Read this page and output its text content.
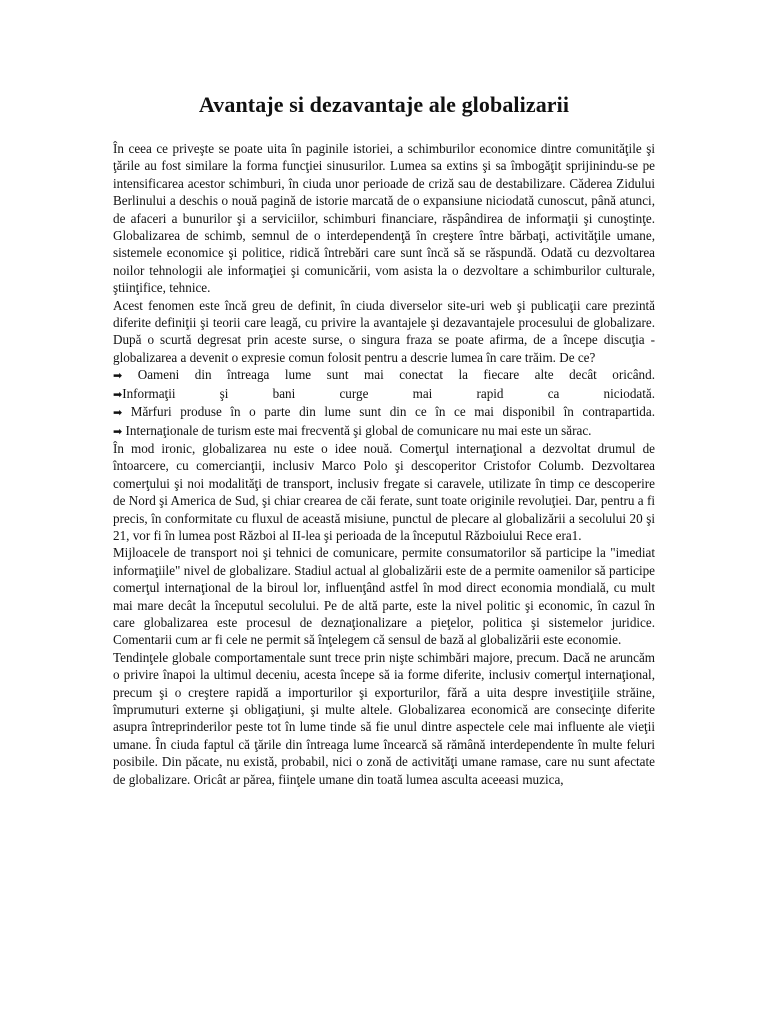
Avantaje si dezavantaje ale globalizarii

În ceea ce priveşte se poate uita în paginile istoriei, a schimburilor economice dintre comunităţile şi ţările au fost similare la forma funcţiei sinusurilor. Lumea sa extins şi sa îmbogăţit sprijinindu-se pe intensificarea acestor schimburi, în ciuda unor perioade de criză sau de destabilizare. Căderea Zidului Berlinului a deschis o nouă pagină de istorie marcată de o expansiune niciodată cunoscut, până atunci, de afaceri a bunurilor şi a serviciilor, schimburi financiare, răspândirea de informaţii şi cunoştinţe. Globalizarea de schimb, semnul de o interdependenţă în creştere între bărbaţi, activităţile umane, sistemele economice şi politice, ridică întrebări care sunt încă să se răspundă. Odată cu dezvoltarea noilor tehnologii ale informaţiei şi comunicării, vom asista la o dezvoltare a schimburilor culturale, ştiinţifice, tehnice.

Acest fenomen este încă greu de definit, în ciuda diverselor site-uri web şi publicaţii care prezintă diferite definiţii şi teorii care leagă, cu privire la avantajele şi dezavantajele procesului de globalizare. După o scurtă degresat prin aceste surse, o singura fraza se poate afirma, de a începe discuţia - globalizarea a devenit o expresie comun folosit pentru a descrie lumea în care trăim. De ce?

➡ Oameni din întreaga lume sunt mai conectat la fiecare alte decât oricând.

➡Informaţii şi bani curge mai rapid ca niciodată.

➡ Mărfuri produse în o parte din lume sunt din ce în ce mai disponibil în contrapartida.

➡ Internaţionale de turism este mai frecventă şi global de comunicare nu mai este un sărac.

În mod ironic, globalizarea nu este o idee nouă. Comerţul internaţional a dezvoltat drumul de întoarcere, cu comercianţii, inclusiv Marco Polo şi descoperitor Cristofor Columb. Dezvoltarea comerţului şi noi modalităţi de transport, inclusiv fregate si caravele, utilizate în timp ce descoperire de Nord şi America de Sud, şi chiar crearea de căi ferate, sunt toate originile revoluţiei. Dar, pentru a fi precis, în conformitate cu fluxul de această misiune, punctul de plecare al globalizării a secolului 20 şi 21, vor fi în lumea post Război al II-lea şi perioada de la începutul Războiului Rece era1.

Mijloacele de transport noi şi tehnici de comunicare, permite consumatorilor să participe la "imediat informaţiile" nivel de globalizare. Stadiul actual al globalizării este de a permite oamenilor să participe comerţul internaţional de la biroul lor, influenţând astfel în mod direct economia mondială, cu mult mai mare decât la începutul secolului. Pe de altă parte, este la nivel politic şi economic, în cazul în care globalizarea este procesul de deznaţionalizare a pieţelor, politica şi sistemelor juridice. Comentarii cum ar fi cele ne permit să înţelegem că sensul de bază al globalizării este economie.

Tendinţele globale comportamentale sunt trece prin nişte schimbări majore, precum. Dacă ne aruncăm o privire înapoi la ultimul deceniu, acesta începe să ia forme diferite, inclusiv comerţul internaţional, precum şi o creştere rapidă a importurilor şi exporturilor, fără a uita despre investiţiile străine, împrumuturi externe şi obligaţiuni, şi multe altele. Globalizarea economică are consecinţe diferite asupra întreprinderilor peste tot în lume tinde să fie unul dintre aspectele cele mai influente ale vieţii umane. În ciuda faptul că ţările din întreaga lume încearcă să rămână interdependente în multe feluri posibile. Din păcate, nu există, probabil, nici o zonă de activităţi umane ramase, care nu sunt afectate de globalizare. Oricât ar părea, fiinţele umane din toată lumea asculta aceeasi muzica,
